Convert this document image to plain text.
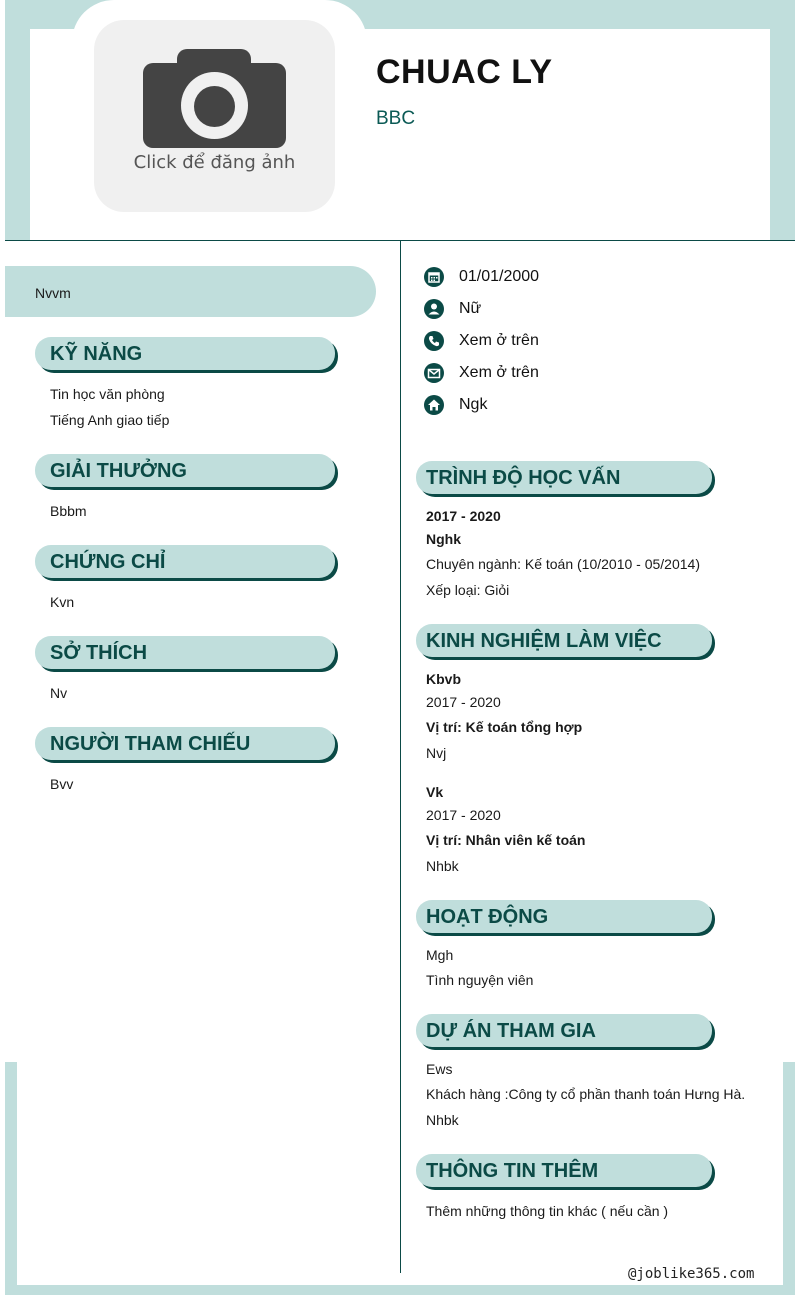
Click để đăng ảnh
CHUAC LY
BBC
Nvvm
KỸ NĂNG
Tin học văn phòng
Tiếng Anh giao tiếp
GIẢI THƯỞNG
Bbbm
CHỨNG CHỈ
Kvn
SỞ THÍCH
Nv
NGƯỜI THAM CHIẾU
Bvv
01/01/2000
Nữ
Xem ở trên
Xem ở trên
Ngk
TRÌNH ĐỘ HỌC VẤN
2017 - 2020
Nghk
Chuyên ngành: Kế toán (10/2010 - 05/2014)
Xếp loại: Giỏi
KINH NGHIỆM LÀM VIỆC
Kbvb
2017 - 2020
Vị trí: Kế toán tổng hợp
Nvj
Vk
2017 - 2020
Vị trí: Nhân viên kế toán
Nhbk
HOẠT ĐỘNG
Mgh
Tình nguyện viên
DỰ ÁN THAM GIA
Ews
Khách hàng :Công ty cổ phần thanh toán Hưng Hà.
Nhbk
THÔNG TIN THÊM
Thêm những thông tin khác ( nếu cần )
@joblike365.com
